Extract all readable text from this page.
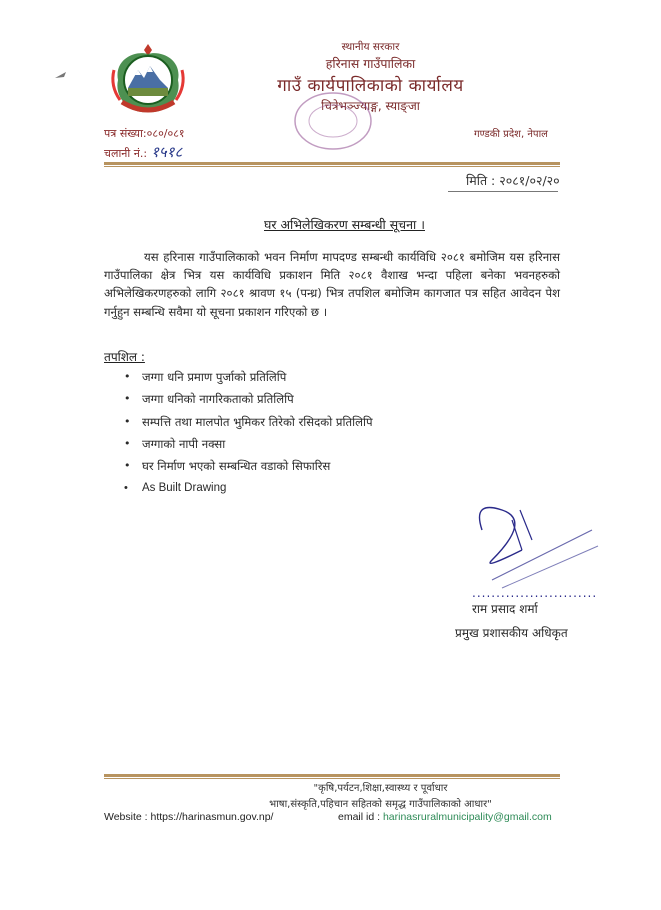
स्थानीय सरकार
हरिनास गाउँपालिका
गाउँ कार्यपालिकाको कार्यालय
चित्रेभञ्ज्याङ्ग, स्याङ्जा
पत्र संख्या:०८०/०८१
चलानी नं.: १५१८
गण्डकी प्रदेश, नेपाल
मिति : २०८१/०२/२०
घर अभिलेखिकरण सम्बन्धी सूचना ।
यस हरिनास गाउँपालिकाको भवन निर्माण मापदण्ड सम्बन्धी कार्यविधि २०८१ बमोजिम यस हरिनास गाउँपालिका क्षेत्र भित्र यस कार्यविधि प्रकाशन मिति २०८१ वैशाख भन्दा पहिला बनेका भवनहरुको अभिलेखिकरणहरुको लागि २०८१ श्रावण १५ (पन्ध्र) भित्र तपशिल बमोजिम कागजात पत्र सहित आवेदन पेश गर्नुहुन सम्बन्धि सवैमा यो सूचना प्रकाशन गरिएको छ ।
तपशिल :
• जग्गा धनि प्रमाण पुर्जाको प्रतिलिपि
• जग्गा धनिको नागरिकताको प्रतिलिपि
• सम्पत्ति तथा मालपोत भुमिकर तिरेको रसिदको प्रतिलिपि
• जग्गाको नापी नक्सा
• घर निर्माण भएको सम्बन्धित वडाको सिफारिस
• As Built Drawing
..........................
राम प्रसाद शर्मा
प्रमुख प्रशासकीय अधिकृत
"कृषि,पर्यटन,शिक्षा,स्वास्थ्य र पूर्वाधार
भाषा,संस्कृति,पहिचान सहितको समृद्ध गाउँपालिकाको आधार"
Website : https://harinasmun.gov.np/	email id : harinasruralmunicipality@gmail.com
